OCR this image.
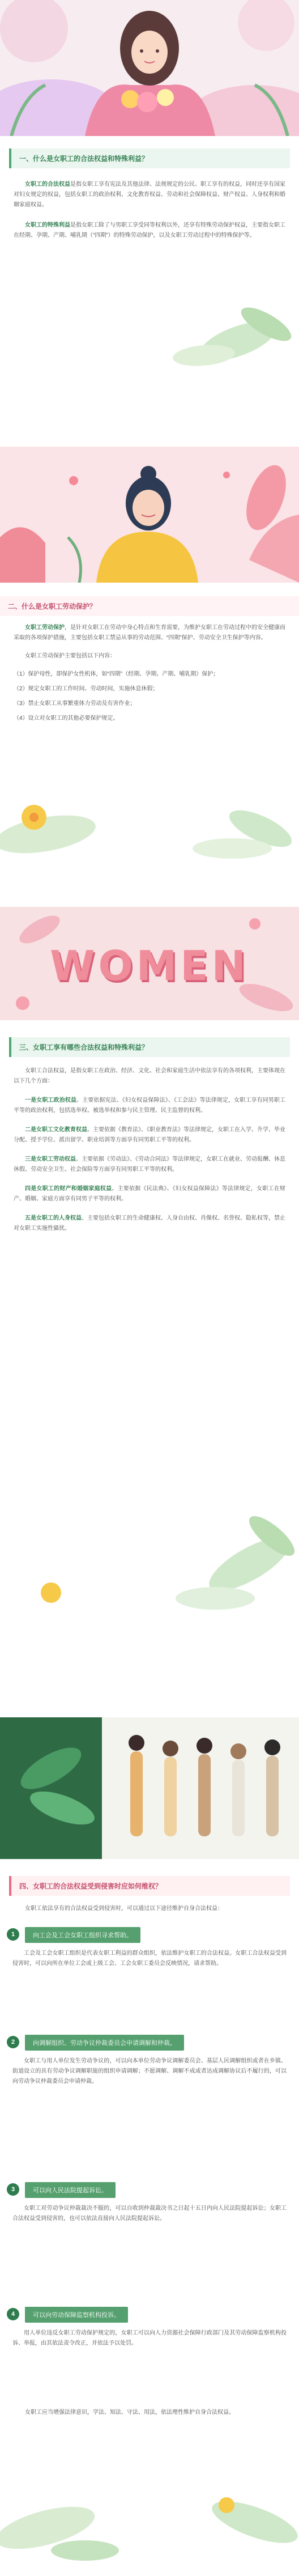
一、什么是女职工的合法权益和特殊利益？

女职工的合法权益是指女职工享有宪法及其他法律、法规规定的公民、职工享有的权益，同时还享有国家对妇女规定的权益，包括女职工的政治权利、文化教育权益、劳动和社会保障权益、财产权益、人身权利和婚姻家庭权益。

女职工的特殊利益是指女职工除了与男职工享受同等权利以外，还享有特殊劳动保护权益，主要指女职工在经期、孕期、产期、哺乳期（“四期”）的特殊劳动保护，以及女职工劳动过程中的特殊保护等。

二、什么是女职工劳动保护？

女职工劳动保护，是针对女职工在劳动中身心特点和生育需要，为维护女职工在劳动过程中的安全健康而采取的各项保护措施，主要包括女职工禁忌从事的劳动范围、“四期”保护、劳动安全卫生保护等内容。

女职工劳动保护主要包括以下内容：

（1）保护母性，即保护女性机体，如“四期”（经期、孕期、产期、哺乳期）保护；

（2）规定女职工的工作时间、劳动时间，实施休息休假；

（3）禁止女职工从事繁重体力劳动及有害作业；

（4）设立对女职工的其他必要保护规定。

WOMEN
三、女职工享有哪些合法权益和特殊利益？

女职工合法权益，是指女职工在政治、经济、文化、社会和家庭生活中依法享有的各项权利，主要体现在以下几个方面：

一是女职工政治权益。主要依据宪法、《妇女权益保障法》、《工会法》等法律规定，女职工享有同男职工平等的政治权利，包括选举权、被选举权和参与民主管理、民主监督的权利。

二是女职工文化教育权益。主要依据《教育法》、《职业教育法》等法律规定，女职工在入学、升学、毕业分配、授予学位、派出留学、职业培训等方面享有同男职工平等的权利。

三是女职工劳动权益。主要依据《劳动法》、《劳动合同法》等法律规定，女职工在就业、劳动报酬、休息休假、劳动安全卫生、社会保险等方面享有同男职工平等的权利。

四是女职工的财产和婚姻家庭权益。主要依据《民法典》、《妇女权益保障法》等法律规定，女职工在财产、婚姻、家庭方面享有同男子平等的权利。

五是女职工的人身权益。主要包括女职工的生命健康权、人身自由权、肖像权、名誉权、隐私权等，禁止对女职工实施性骚扰。

四、女职工的合法权益受到侵害时应如何维权？

女职工依法享有的合法权益受到侵害时，可以通过以下途径维护自身合法权益：

1	向工会及工会女职工组织寻求帮助。

工会及工会女职工组织是代表女职工利益的群众组织，依法维护女职工的合法权益。女职工合法权益受到侵害时，可以向所在单位工会或上级工会、工会女职工委员会反映情况，请求帮助。

2	向调解组织、劳动争议仲裁委员会申请调解和仲裁。

女职工与用人单位发生劳动争议的，可以向本单位劳动争议调解委员会、基层人民调解组织或者在乡镇、街道设立的具有劳动争议调解职能的组织申请调解；不愿调解、调解不成或者达成调解协议后不履行的，可以向劳动争议仲裁委员会申请仲裁。

3	可以向人民法院提起诉讼。

女职工对劳动争议仲裁裁决不服的，可以自收到仲裁裁决书之日起十五日内向人民法院提起诉讼；女职工合法权益受到侵害的，也可以依法直接向人民法院提起诉讼。

4	可以向劳动保障监察机构投诉。

用人单位违反女职工劳动保护规定的，女职工可以向人力资源社会保障行政部门及其劳动保障监察机构投诉、举报，由其依法责令改正，并依法予以处罚。

女职工应当增强法律意识，学法、知法、守法、用法，依法理性维护自身合法权益。
